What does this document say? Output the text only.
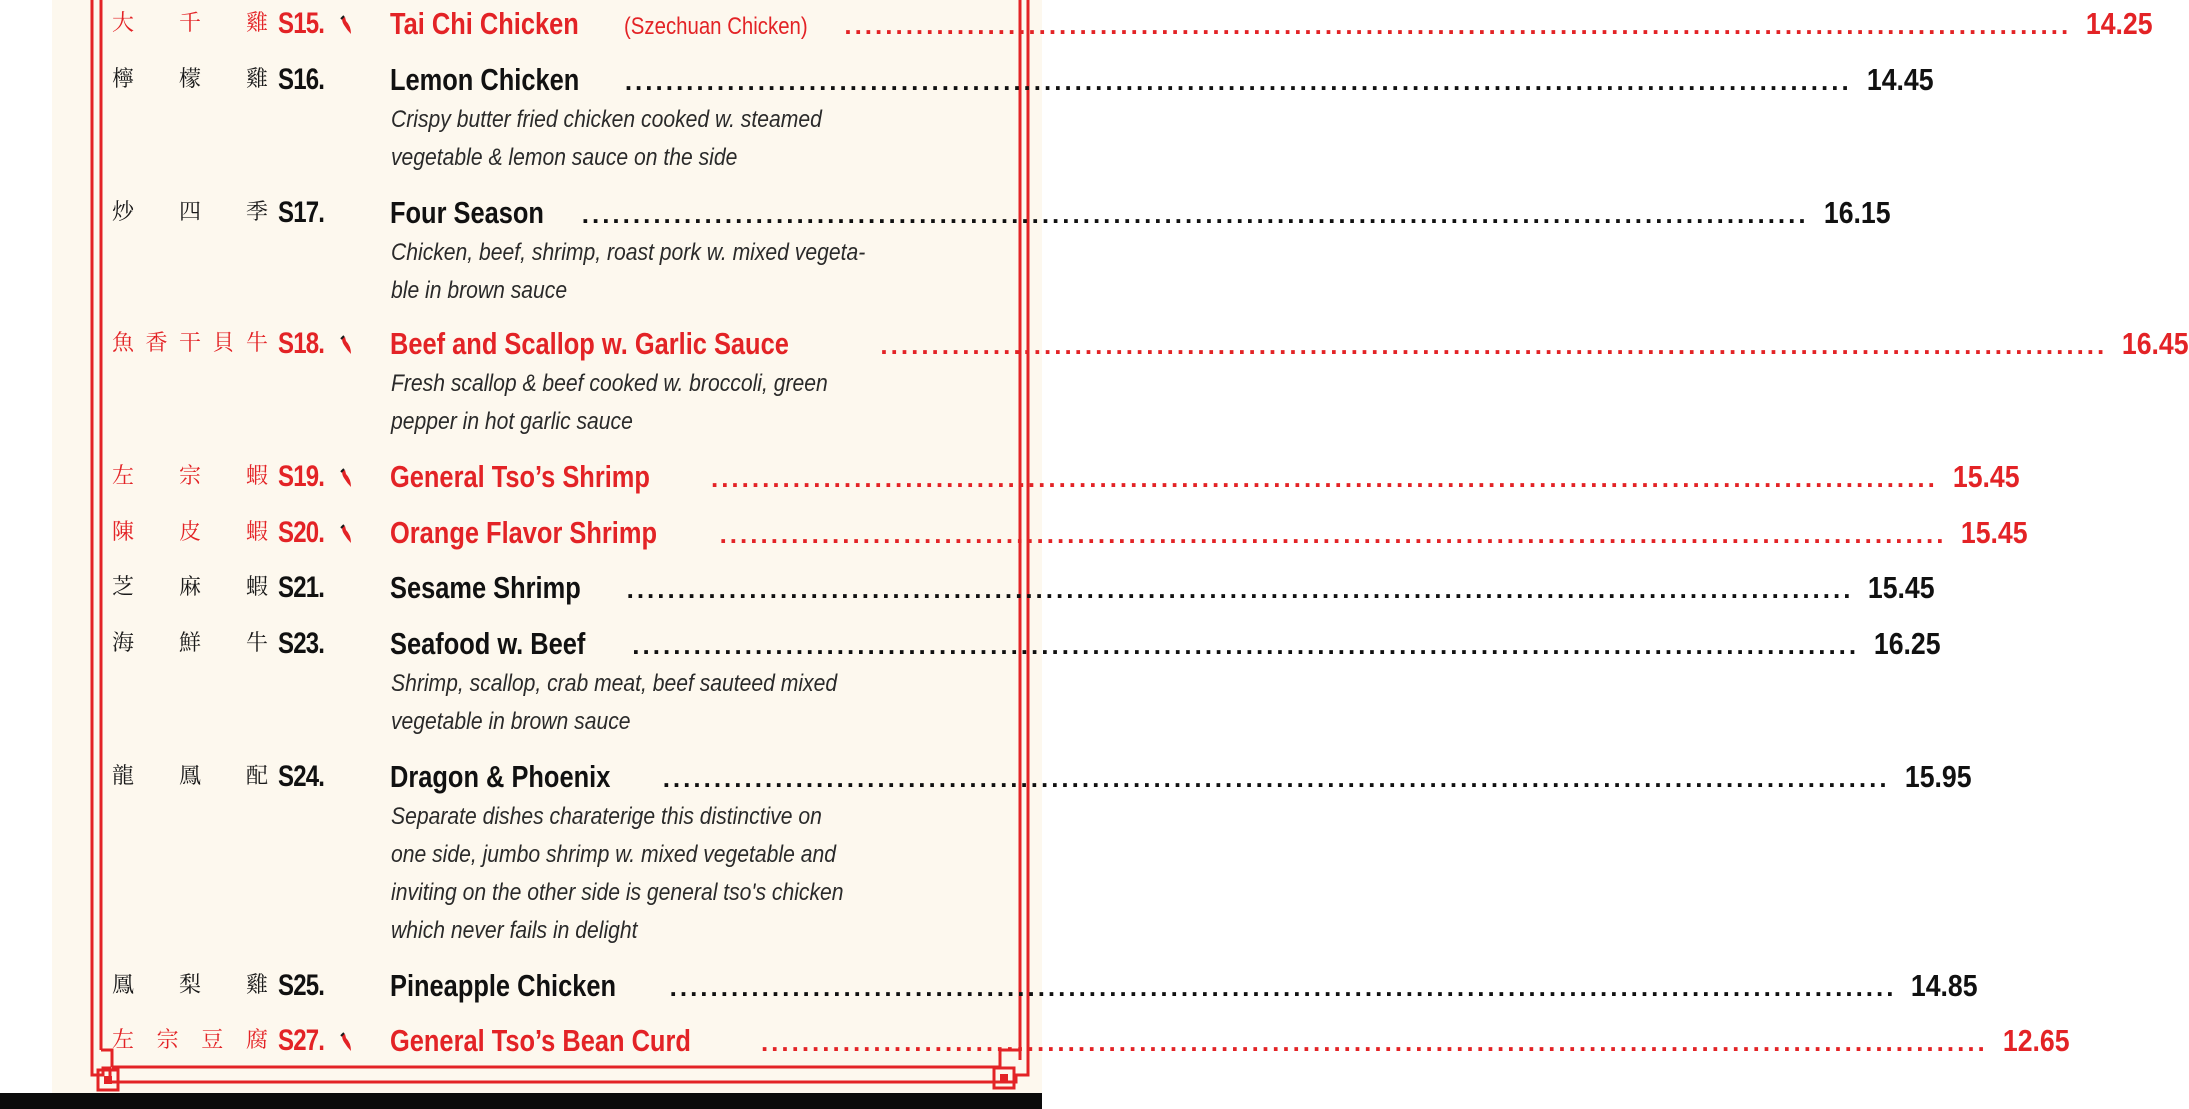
大 千 雞 S15. Tai Chi Chicken (Szechuan Chicken) ........................................................................................................................ 14.25
檸 檬 雞 S16. Lemon Chicken ........................................................................................................................ 14.45
Crispy butter fried chicken cooked w. steamed
vegetable & lemon sauce on the side
炒 四 季 S17. Four Season ........................................................................................................................ 16.15
Chicken, beef, shrimp, roast pork w. mixed vegeta-
ble in brown sauce
魚 香 干 貝 牛 S18. Beef and Scallop w. Garlic Sauce	........................................................................................................................ 16.45
Fresh scallop & beef cooked w. broccoli, green
pepper in hot garlic sauce
左 宗 蝦 S19. General Tso’s Shrimp ........................................................................................................................ 15.45
陳 皮 蝦 S20. Orange Flavor Shrimp ........................................................................................................................ 15.45
芝 麻 蝦 S21. Sesame Shrimp ........................................................................................................................ 15.45
海 鮮 牛 S23. Seafood w. Beef ........................................................................................................................ 16.25
Shrimp, scallop, crab meat, beef sauteed mixed
vegetable in brown sauce
龍 鳳 配 S24. Dragon & Phoenix ........................................................................................................................ 15.95
Separate dishes charaterige this distinctive on
one side, jumbo shrimp w. mixed vegetable and
inviting on the other side is general tso's chicken
which never fails in delight
鳳 梨 雞 S25. Pineapple Chicken ........................................................................................................................ 14.85
左 宗 豆 腐 S27. General Tso’s Bean Curd	........................................................................................................................ 12.65
